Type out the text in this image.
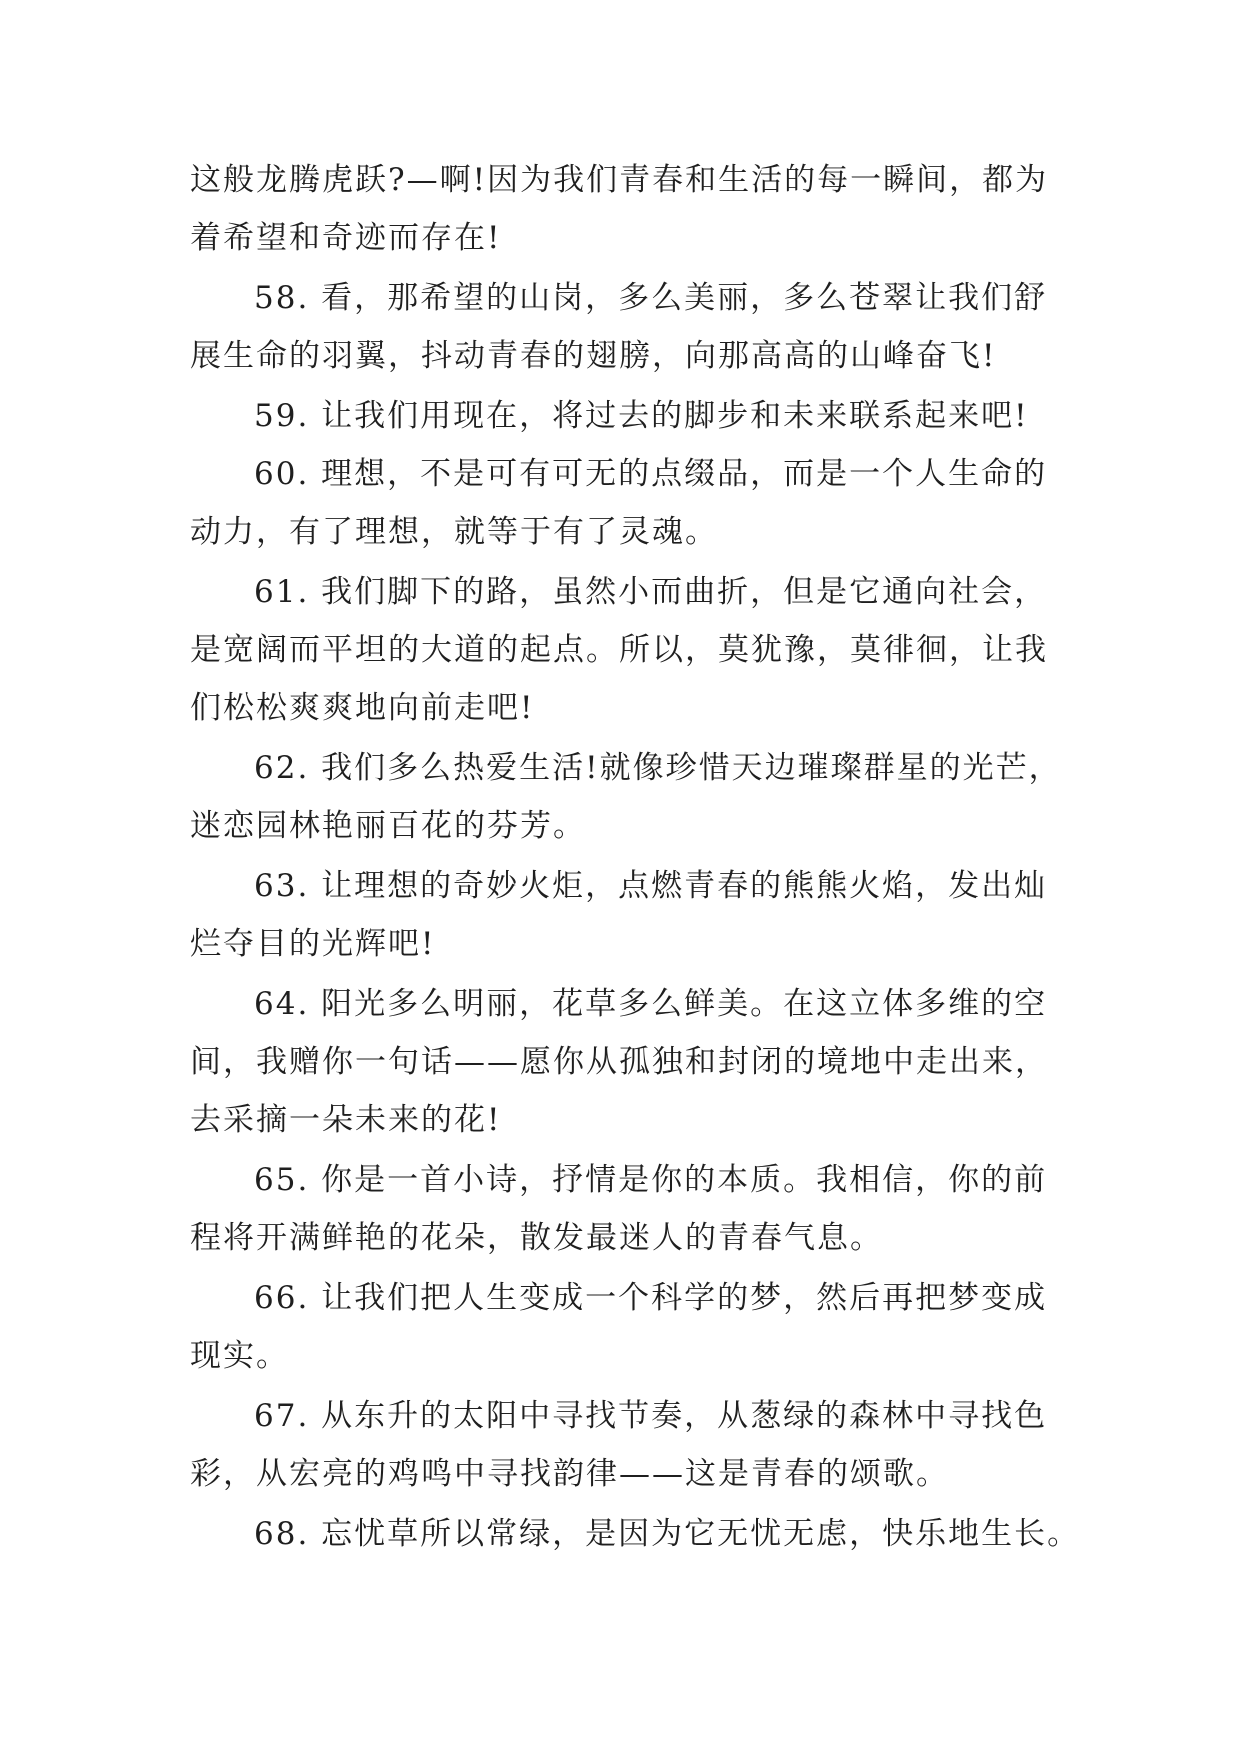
这般龙腾虎跃?—啊!因为我们青春和生活的每一瞬间，都为
着希望和奇迹而存在!
58. 看，那希望的山岗，多么美丽，多么苍翠让我们舒
展生命的羽翼，抖动青春的翅膀，向那高高的山峰奋飞!
59. 让我们用现在，将过去的脚步和未来联系起来吧!
60. 理想，不是可有可无的点缀品，而是一个人生命的
动力，有了理想，就等于有了灵魂。
61. 我们脚下的路，虽然小而曲折，但是它通向社会，
是宽阔而平坦的大道的起点。所以，莫犹豫，莫徘徊，让我
们松松爽爽地向前走吧!
62. 我们多么热爱生活!就像珍惜天边璀璨群星的光芒，
迷恋园林艳丽百花的芬芳。
63. 让理想的奇妙火炬，点燃青春的熊熊火焰，发出灿
烂夺目的光辉吧!
64. 阳光多么明丽，花草多么鲜美。在这立体多维的空
间，我赠你一句话——愿你从孤独和封闭的境地中走出来，
去采摘一朵未来的花!
65. 你是一首小诗，抒情是你的本质。我相信，你的前
程将开满鲜艳的花朵，散发最迷人的青春气息。
66. 让我们把人生变成一个科学的梦，然后再把梦变成
现实。
67. 从东升的太阳中寻找节奏，从葱绿的森林中寻找色
彩，从宏亮的鸡鸣中寻找韵律——这是青春的颂歌。
68. 忘忧草所以常绿，是因为它无忧无虑，快乐地生长。
